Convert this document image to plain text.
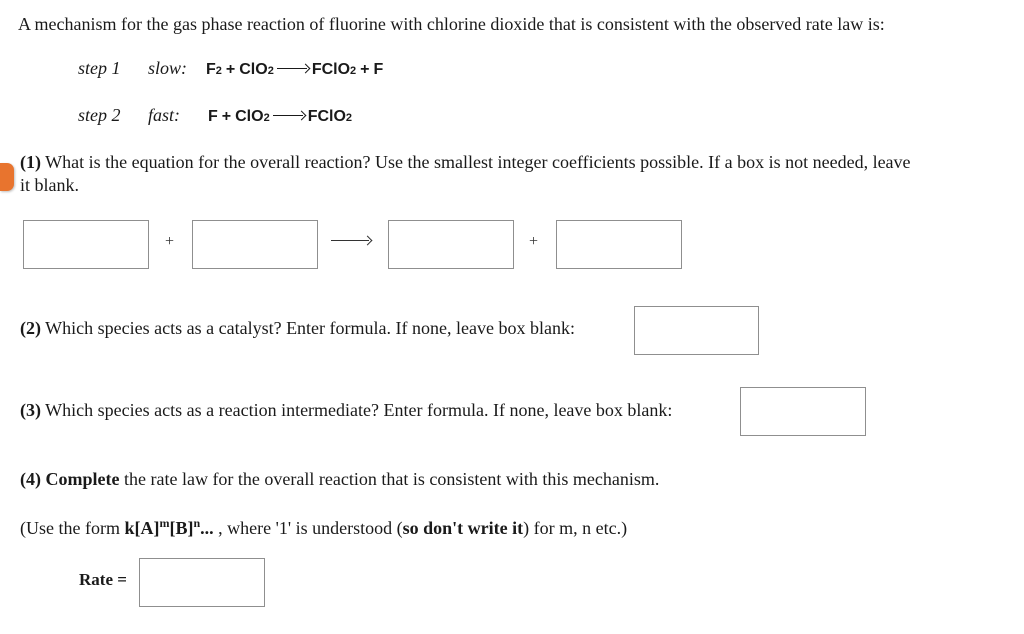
A mechanism for the gas phase reaction of fluorine with chlorine dioxide that is consistent with the observed rate law is:
step 1	slow:	F 2 + ClO 2 FClO 2 + F
step 2	fast:	F + ClO 2 FClO 2
(1) What is the equation for the overall reaction? Use the smallest integer coefficients possible. If a box is not needed, leave
it blank.
+	+
(2) Which species acts as a catalyst? Enter formula. If none, leave box blank:
(3) Which species acts as a reaction intermediate? Enter formula. If none, leave box blank:
(4) Complete the rate law for the overall reaction that is consistent with this mechanism.
(Use the form $k[A]^m[B]^n$... , where '1' is understood (so don't write it) for m, n etc.)
Rate =
